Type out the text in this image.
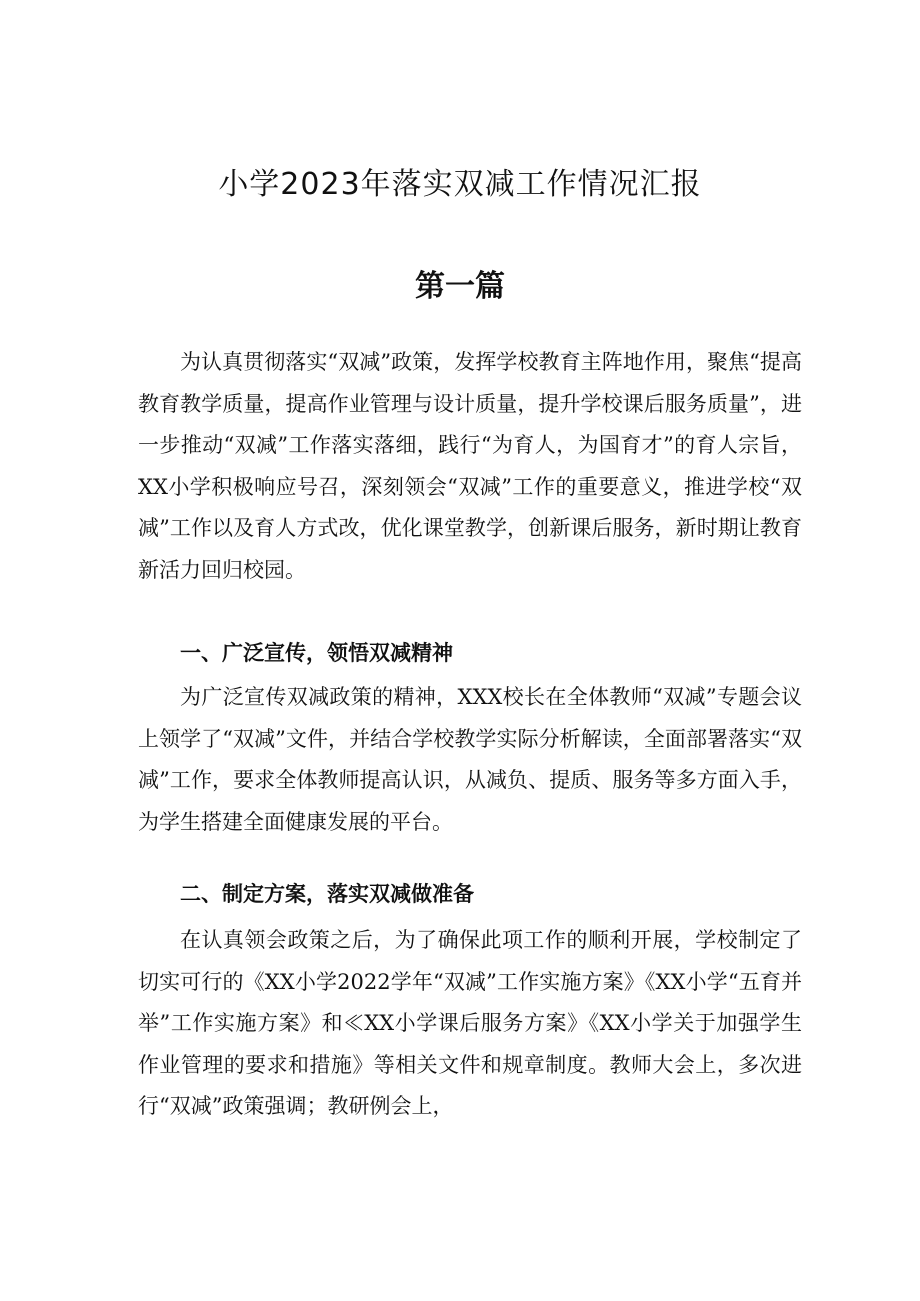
小学2023年落实双减工作情况汇报
第一篇

为认真贯彻落实“双减”政策，发挥学校教育主阵地作用，聚焦“提高教育教学质量，提高作业管理与设计质量，提升学校课后服务质量”，进一步推动“双减”工作落实落细，践行“为育人，为国育才”的育人宗旨，XX小学积极响应号召，深刻领会“双减”工作的重要意义，推进学校“双减”工作以及育人方式改，优化课堂教学，创新课后服务，新时期让教育新活力回归校园。

一、广泛宣传，领悟双减精神

为广泛宣传双减政策的精神，XXX校长在全体教师“双减”专题会议上领学了“双减”文件，并结合学校教学实际分析解读，全面部署落实“双减”工作，要求全体教师提高认识，从减负、提质、服务等多方面入手，为学生搭建全面健康发展的平台。

二、制定方案，落实双减做准备

在认真领会政策之后，为了确保此项工作的顺利开展，学校制定了切实可行的《XX小学2022学年“双减”工作实施方案》《XX小学“五育并举”工作实施方案》和≪XX小学课后服务方案》《XX小学关于加强学生作业管理的要求和措施》等相关文件和规章制度。教师大会上，多次进行“双减”政策强调；教研例会上，
